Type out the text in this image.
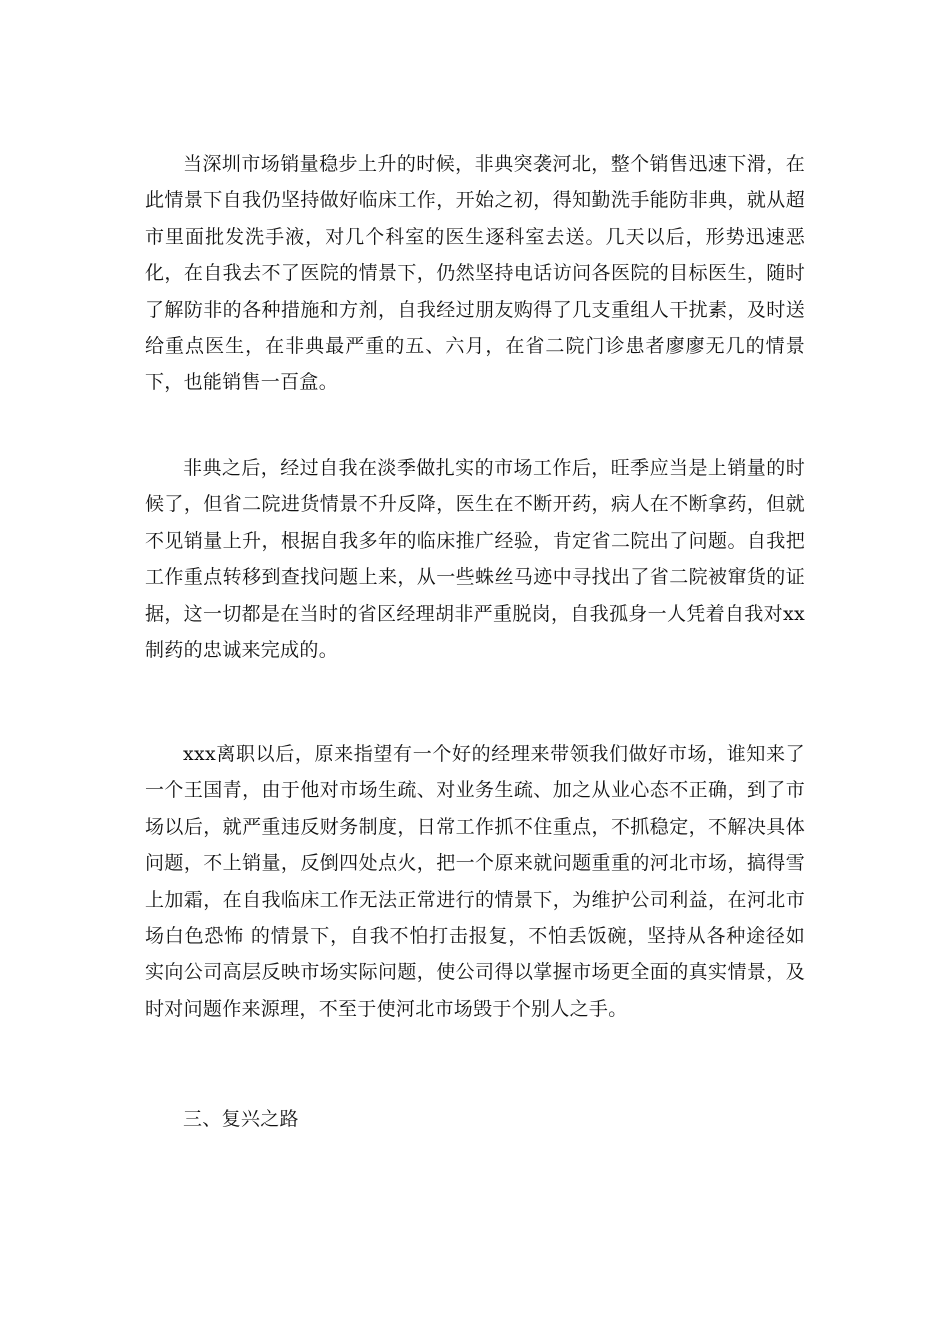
当深圳市场销量稳步上升的时候，非典突袭河北，整个销售迅速下滑，在此情景下自我仍坚持做好临床工作，开始之初，得知勤洗手能防非典，就从超市里面批发洗手液，对几个科室的医生逐科室去送。几天以后，形势迅速恶化，在自我去不了医院的情景下，仍然坚持电话访问各医院的目标医生，随时了解防非的各种措施和方剂，自我经过朋友购得了几支重组人干扰素，及时送给重点医生，在非典最严重的五、六月，在省二院门诊患者廖廖无几的情景下，也能销售一百盒。

非典之后，经过自我在淡季做扎实的市场工作后，旺季应当是上销量的时候了，但省二院进货情景不升反降，医生在不断开药，病人在不断拿药，但就不见销量上升，根据自我多年的临床推广经验，肯定省二院出了问题。自我把工作重点转移到查找问题上来，从一些蛛丝马迹中寻找出了省二院被窜货的证据，这一切都是在当时的省区经理胡非严重脱岗，自我孤身一人凭着自我对xx制药的忠诚来完成的。

xxx离职以后，原来指望有一个好的经理来带领我们做好市场，谁知来了一个王国青，由于他对市场生疏、对业务生疏、加之从业心态不正确，到了市场以后，就严重违反财务制度，日常工作抓不住重点，不抓稳定，不解决具体问题，不上销量，反倒四处点火，把一个原来就问题重重的河北市场，搞得雪上加霜，在自我临床工作无法正常进行的情景下，为维护公司利益，在河北市场白色恐怖 的情景下，自我不怕打击报复，不怕丢饭碗，坚持从各种途径如实向公司高层反映市场实际问题，使公司得以掌握市场更全面的真实情景，及时对问题作来源理，不至于使河北市场毁于个别人之手。

三、复兴之路
